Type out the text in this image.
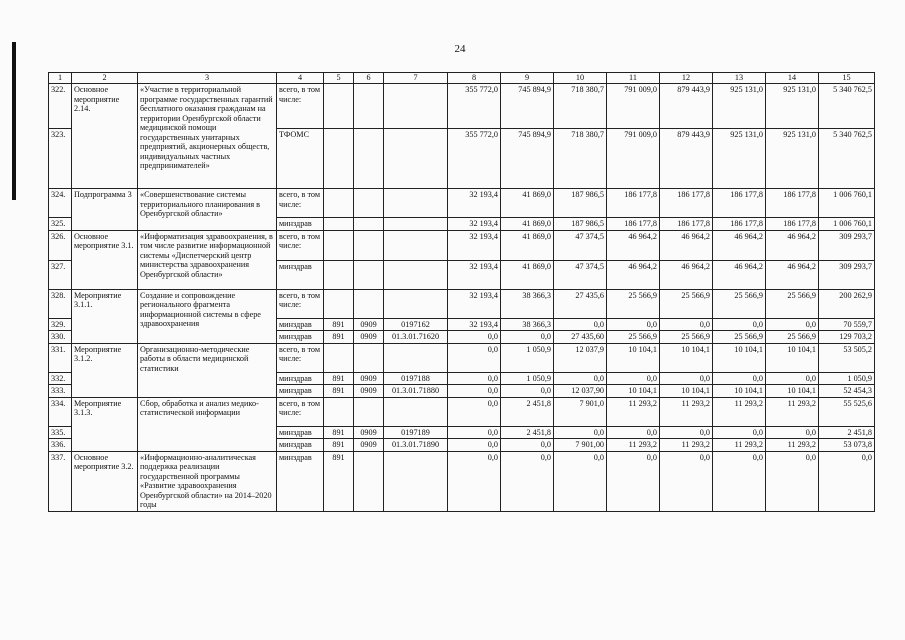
24
1	2	3	4	5	6	7	8	9	10	11	12	13	14	15
322.	Основное мероприятие 2.14.	«Участие в территориальной программе государственных гарантий бесплатного оказания гражданам на территории Оренбургской области медицинской помощи государственных унитарных предприятий, акционерных обществ, индивидуальных частных предпринимателей»	всего, в том числе:				355 772,0	745 894,9	718 380,7	791 009,0	879 443,9	925 131,0	925 131,0	5 340 762,5
323.			ТФОМС				355 772,0	745 894,9	718 380,7	791 009,0	879 443,9	925 131,0	925 131,0	5 340 762,5
324.	Подпрограмма 3	«Совершенствование системы территориального планирования в Оренбургской области»	всего, в том числе:				32 193,4	41 869,0	187 986,5	186 177,8	186 177,8	186 177,8	186 177,8	1 006 760,1
325.			минздрав				32 193,4	41 869,0	187 986,5	186 177,8	186 177,8	186 177,8	186 177,8	1 006 760,1
326.	Основное мероприятие 3.1.	«Информатизация здравоохранения, в том числе развитие информационной системы «Диспетчерский центр министерства здравоохранения Оренбургской области»	всего, в том числе:				32 193,4	41 869,0	47 374,5	46 964,2	46 964,2	46 964,2	46 964,2	309 293,7
327.			минздрав				32 193,4	41 869,0	47 374,5	46 964,2	46 964,2	46 964,2	46 964,2	309 293,7
328.	Мероприятие 3.1.1.	Создание и сопровождение регионального фрагмента информационной системы в сфере здравоохранения	всего, в том числе:				32 193,4	38 366,3	27 435,6	25 566,9	25 566,9	25 566,9	25 566,9	200 262,9
329.			минздрав	891	0909	0197162	32 193,4	38 366,3	0,0	0,0	0,0	0,0	0,0	70 559,7
330.			минздрав	891	0909	01.3.01.71620	0,0	0,0	27 435,60	25 566,9	25 566,9	25 566,9	25 566,9	129 703,2
331.	Мероприятие 3.1.2.	Организационно-методические работы в области медицинской статистики	всего, в том числе:				0,0	1 050,9	12 037,9	10 104,1	10 104,1	10 104,1	10 104,1	53 505,2
332.			минздрав	891	0909	0197188	0,0	1 050,9	0,0	0,0	0,0	0,0	0,0	1 050,9
333.			минздрав	891	0909	01.3.01.71880	0,0	0,0	12 037,90	10 104,1	10 104,1	10 104,1	10 104,1	52 454,3
334.	Мероприятие 3.1.3.	Сбор, обработка и анализ медико-статистической информации	всего, в том числе:				0,0	2 451,8	7 901,0	11 293,2	11 293,2	11 293,2	11 293,2	55 525,6
335.			минздрав	891	0909	0197189	0,0	2 451,8	0,0	0,0	0,0	0,0	0,0	2 451,8
336.			минздрав	891	0909	01.3.01.71890	0,0	0,0	7 901,00	11 293,2	11 293,2	11 293,2	11 293,2	53 073,8
337.	Основное мероприятие 3.2.	«Информационно-аналитическая поддержка реализации государственной программы «Развитие здравоохранения Оренбургской области» на 2014–2020 годы	минздрав	891			0,0	0,0	0,0	0,0	0,0	0,0	0,0	0,0
